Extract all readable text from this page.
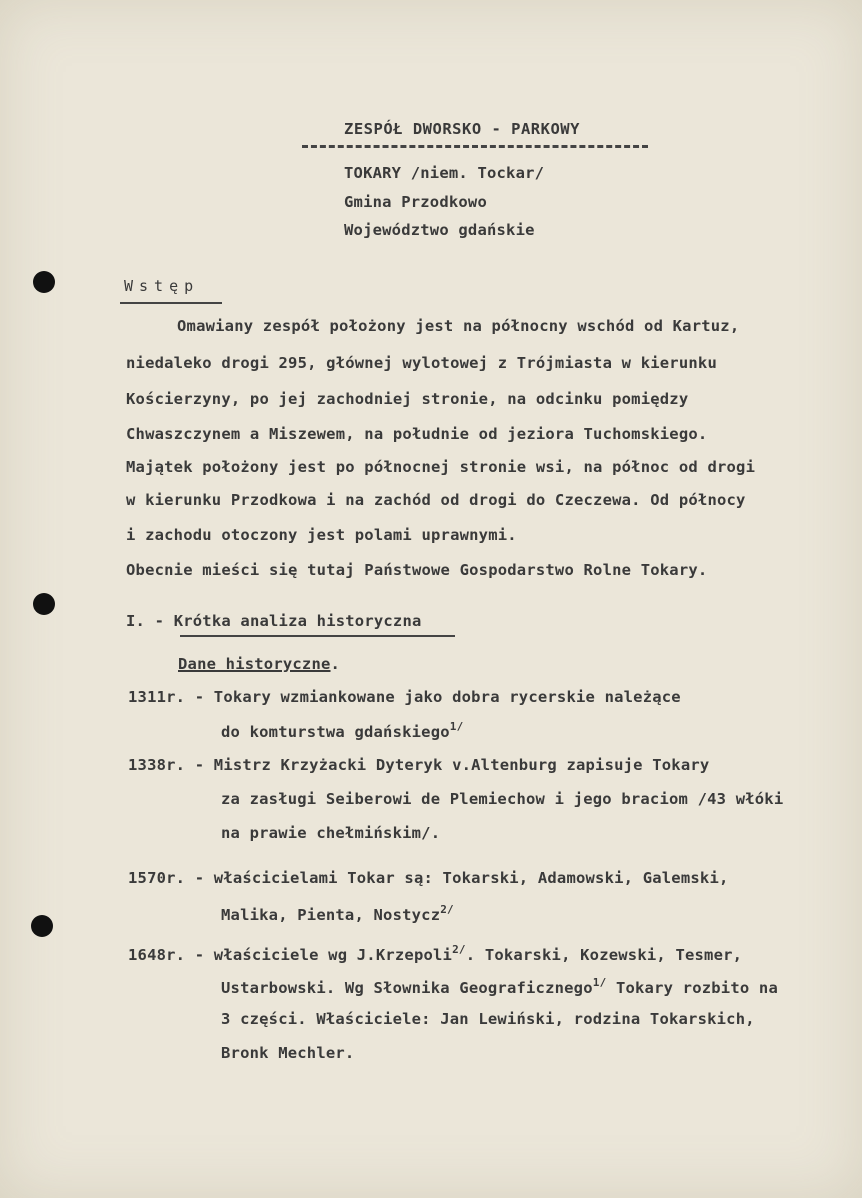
ZESPÓŁ DWORSKO - PARKOWY
TOKARY /niem. Tockar/
Gmina Przodkowo
Województwo gdańskie
Wstęp
Omawiany zespół położony jest na północny wschód od Kartuz,
niedaleko drogi 295, głównej wylotowej z Trójmiasta w kierunku
Kościerzyny, po jej zachodniej stronie, na odcinku pomiędzy
Chwaszczynem a Miszewem, na południe od jeziora Tuchomskiego.
Majątek położony jest po północnej stronie wsi, na północ od drogi
w kierunku Przodkowa i na zachód od drogi do Czeczewa. Od północy
i zachodu otoczony jest polami uprawnymi.
Obecnie mieści się tutaj Państwowe Gospodarstwo Rolne Tokary.
I. - Krótka analiza historyczna
Dane historyczne.
1311r. - Tokary wzmiankowane jako dobra rycerskie należące
do komturstwa gdańskiego$^{1/}$
1338r. - Mistrz Krzyżacki Dyteryk v.Altenburg zapisuje Tokary
za zasługi Seiberowi de Plemiechow i jego braciom /43 włóki
na prawie chełmińskim/.
1570r. - właścicielami Tokar są: Tokarski, Adamowski, Galemski,
Malika, Pienta, Nostycz$^{2/}$
1648r. - właściciele wg J.Krzepoli$^{2/}$. Tokarski, Kozewski, Tesmer,
Ustarbowski. Wg Słownika Geograficznego$^{1/}$ Tokary rozbito na
3 części. Właściciele: Jan Lewiński, rodzina Tokarskich,
Bronk Mechler.
